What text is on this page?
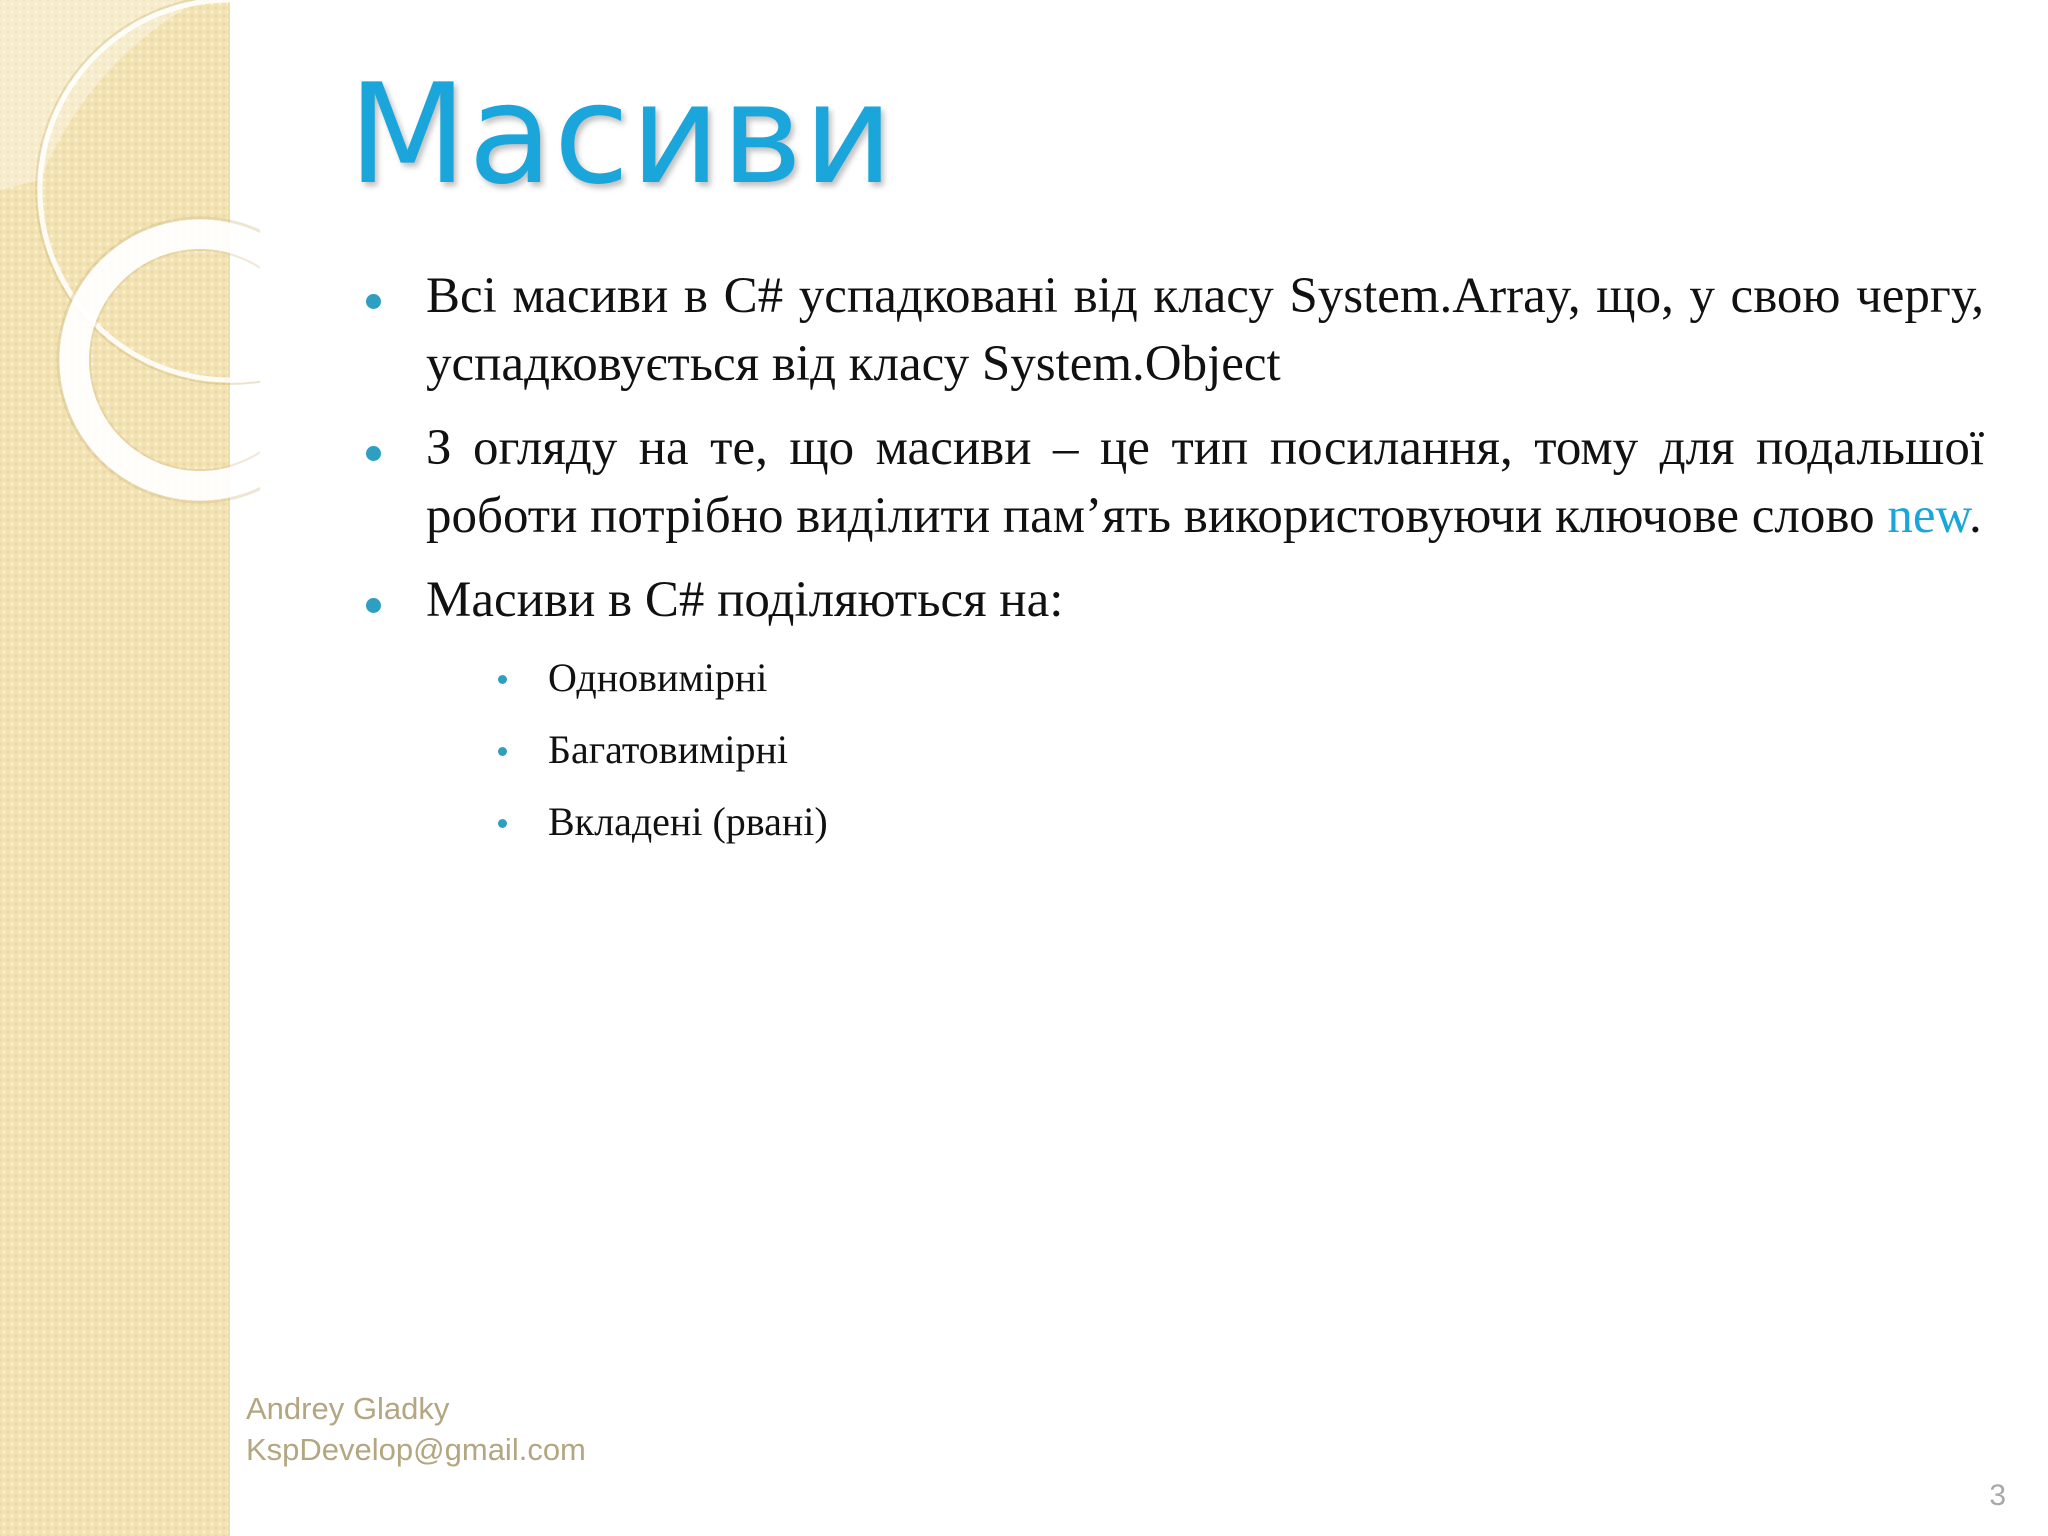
Масиви
Всі масиви в С# успадковані від класу System.Array, що, у свою чергу, успадковується від класу System.Object
З огляду на те, що масиви – це тип посилання, тому для подальшої роботи потрібно виділити пам’ять використовуючи ключове слово new.
Масиви в С# поділяються на:
Одновимірні
Багатовимірні
Вкладені (рвані)
Andrey Gladky
KspDevelop@gmail.com
3
